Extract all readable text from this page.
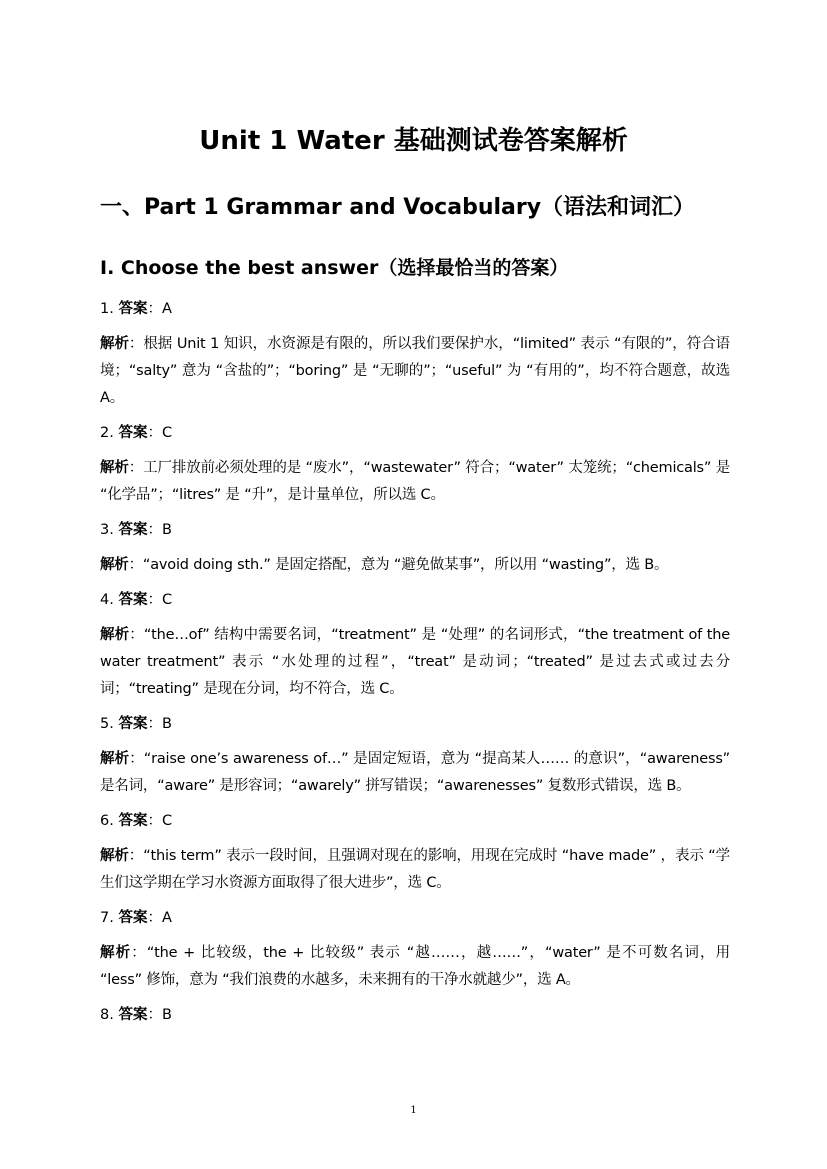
Unit 1 Water 基础测试卷答案解析
一、Part 1 Grammar and Vocabulary（语法和词汇）
I. Choose the best answer（选择最恰当的答案）

1. 答案：A

解析：根据 Unit 1 知识，水资源是有限的，所以我们要保护水，“limited” 表示 “有限的”，符合语境；“salty” 意为 “含盐的”；“boring” 是 “无聊的”；“useful” 为 “有用的”，均不符合题意，故选 A。

2. 答案：C

解析：工厂排放前必须处理的是 “废水”，“wastewater” 符合；“water” 太笼统；“chemicals” 是 “化学品”；“litres” 是 “升”，是计量单位，所以选 C。

3. 答案：B

解析：“avoid doing sth.” 是固定搭配，意为 “避免做某事”，所以用 “wasting”，选 B。

4. 答案：C

解析：“the…of” 结构中需要名词，“treatment” 是 “处理” 的名词形式，“the treatment of the water treatment” 表示 “水处理的过程”，“treat” 是动词；“treated” 是过去式或过去分词；“treating” 是现在分词，均不符合，选 C。

5. 答案：B

解析：“raise one’s awareness of…” 是固定短语，意为 “提高某人…… 的意识”，“awareness” 是名词，“aware” 是形容词；“awarely” 拼写错误；“awarenesses” 复数形式错误，选 B。

6. 答案：C

解析：“this term” 表示一段时间，且强调对现在的影响，用现在完成时 “have made” ，表示 “学生们这学期在学习水资源方面取得了很大进步”，选 C。

7. 答案：A

解析：“the + 比较级，the + 比较级” 表示 “越……，越……”，“water” 是不可数名词，用 “less” 修饰，意为 “我们浪费的水越多，未来拥有的干净水就越少”，选 A。

8. 答案：B

1
